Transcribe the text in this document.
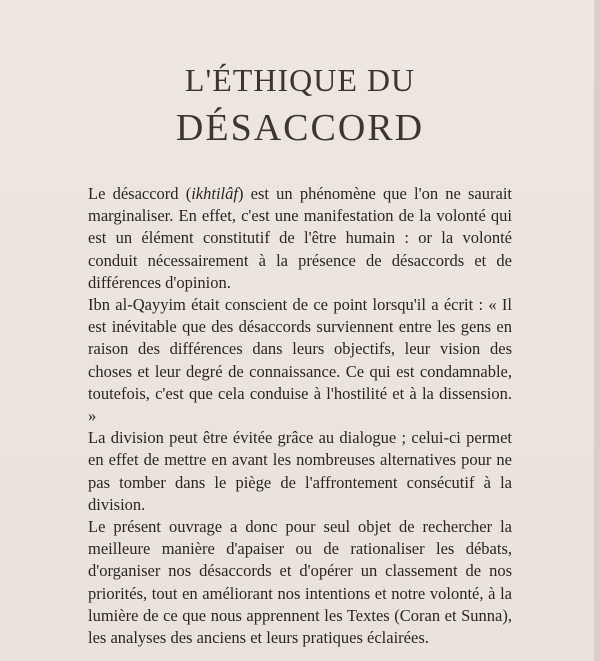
L'ÉTHIQUE DU
DÉSACCORD

Le désaccord (ikhtilâf) est un phénomène que l'on ne saurait marginaliser. En effet, c'est une manifestation de la volonté qui est un élément constitutif de l'être humain : or la volonté conduit nécessairement à la présence de désaccords et de différences d'opinion.

Ibn al-Qayyim était conscient de ce point lorsqu'il a écrit : « Il est inévitable que des désaccords surviennent entre les gens en raison des différences dans leurs objectifs, leur vision des choses et leur degré de connaissance. Ce qui est condamnable, toutefois, c'est que cela conduise à l'hostilité et à la dissension. »

La division peut être évitée grâce au dialogue ; celui-ci permet en effet de mettre en avant les nombreuses alternatives pour ne pas tomber dans le piège de l'affrontement consécutif à la division.

Le présent ouvrage a donc pour seul objet de rechercher la meilleure manière d'apaiser ou de rationaliser les débats, d'organiser nos désaccords et d'opérer un classement de nos priorités, tout en améliorant nos intentions et notre volonté, à la lumière de ce que nous apprennent les Textes (Coran et Sunna), les analyses des anciens et leurs pratiques éclairées.
